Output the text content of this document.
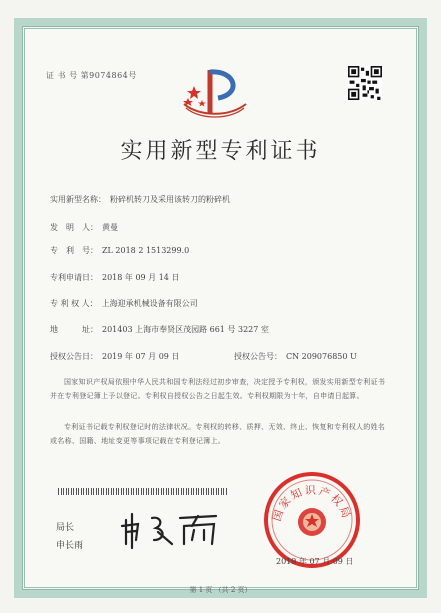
证 书 号 第9074864号
实用新型专利证书
实用新型名称： 粉碎机转刀及采用该转刀的粉碎机
发　明　人： 黄曼
专　利　号： ZL 2018 2 1513299.0
专利申请日： 2018 年 09 月 14 日
专 利 权 人： 上海迎承机械设备有限公司
地　　　址： 201403 上海市奉贤区茂园路 661 号 3227 室
授权公告日： 2019 年 07 月 09 日	授权公告号： CN 209076850 U
国家知识产权局依照中华人民共和国专利法经过初步审查，决定授予专利权，颁发实用新型专利证书并在专利登记簿上予以登记。专利权自授权公告之日起生效。专利权期限为十年，自申请日起算。
专利证书记载专利权登记时的法律状况。专利权的转移、质押、无效、终止、恢复和专利权人的姓名或名称、国籍、地址变更等事项记载在专利登记簿上。
局长
申长雨
国家知识产权局
2019 年 07 月 09 日
第 1 页 （共 2 页）
